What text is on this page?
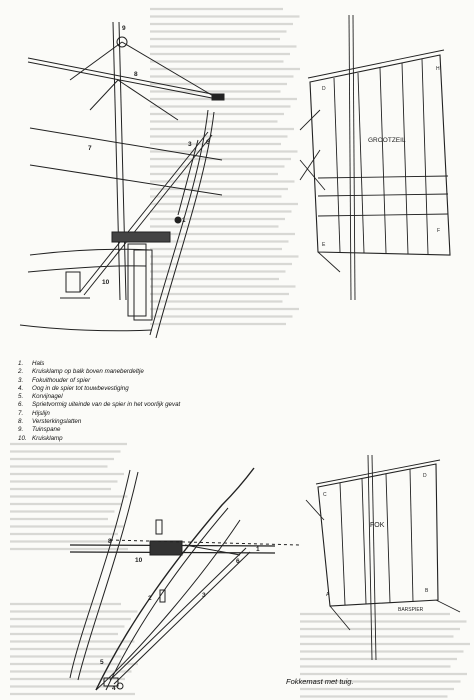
9
8
7
3 6
1
10
GROOTZEIL
D
H
E
F
1.	Hals
2.	Kruisklamp op balk boven maneberdeltje
3.	Fokuithouder of spier
4.	Oog in de spier tot touwbevestiging
5.	Korvijnagel
6.	Sprietvormig uiteinde van de spier in het voorlijk gevat
7.	Hijslijn
8.	Versterkingslatten
9.	Tuinspane
10. Kruisklamp
8
10	6
1
2	3
5
4
FOK
C
D
A
B
BARSPIER
Fokkemast met tuig.
